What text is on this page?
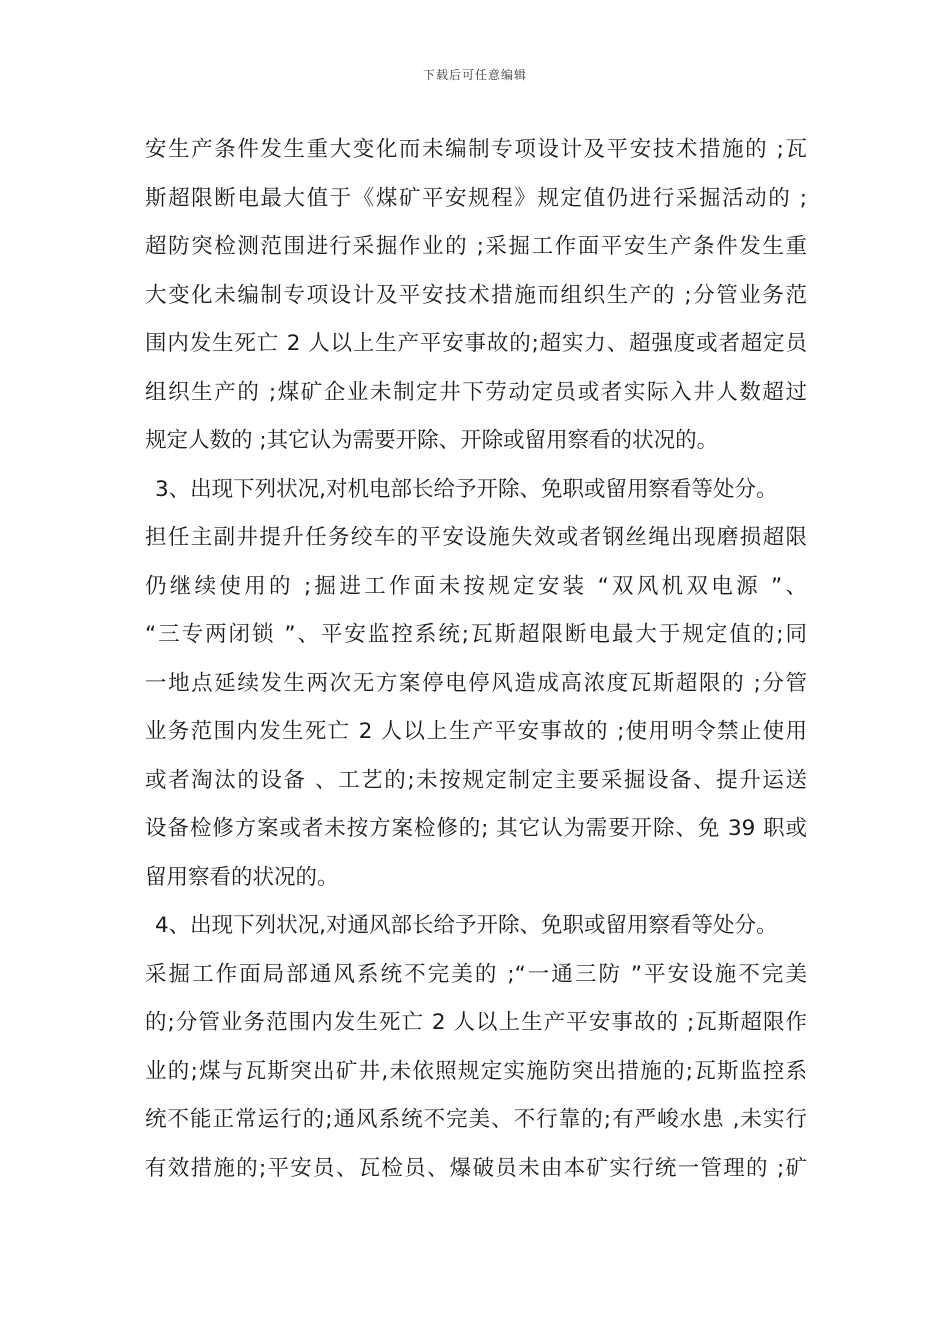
下载后可任意编辑
安生产条件发生重大变化而未编制专项设计及平安技术措施的 ;瓦
斯超限断电最大值于《煤矿平安规程》规定值仍进行采掘活动的 ;
超防突检测范围进行采掘作业的 ;采掘工作面平安生产条件发生重
大变化未编制专项设计及平安技术措施而组织生产的 ;分管业务范
围内发生死亡 2 人以上生产平安事故的;超实力、超强度或者超定员
组织生产的 ;煤矿企业未制定井下劳动定员或者实际入井人数超过
规定人数的 ;其它认为需要开除、开除或留用察看的状况的。
3、出现下列状况,对机电部长给予开除、免职或留用察看等处分。
担任主副井提升任务绞车的平安设施失效或者钢丝绳出现磨损超限
仍继续使用的 ;掘进工作面未按规定安装 “双风机双电源 ”、
“三专两闭锁 ”、平安监控系统;瓦斯超限断电最大于规定值的;同
一地点延续发生两次无方案停电停风造成高浓度瓦斯超限的 ;分管
业务范围内发生死亡 2 人以上生产平安事故的 ;使用明令禁止使用
或者淘汰的设备 、工艺的;未按规定制定主要采掘设备、提升运送
设备检修方案或者未按方案检修的; 其它认为需要开除、免 39 职或
留用察看的状况的。
4、出现下列状况,对通风部长给予开除、免职或留用察看等处分。
采掘工作面局部通风系统不完美的 ;“一通三防 ”平安设施不完美
的;分管业务范围内发生死亡 2 人以上生产平安事故的 ;瓦斯超限作
业的;煤与瓦斯突出矿井,未依照规定实施防突出措施的;瓦斯监控系
统不能正常运行的;通风系统不完美、不行靠的;有严峻水患 ,未实行
有效措施的;平安员、瓦检员、爆破员未由本矿实行统一管理的 ;矿
